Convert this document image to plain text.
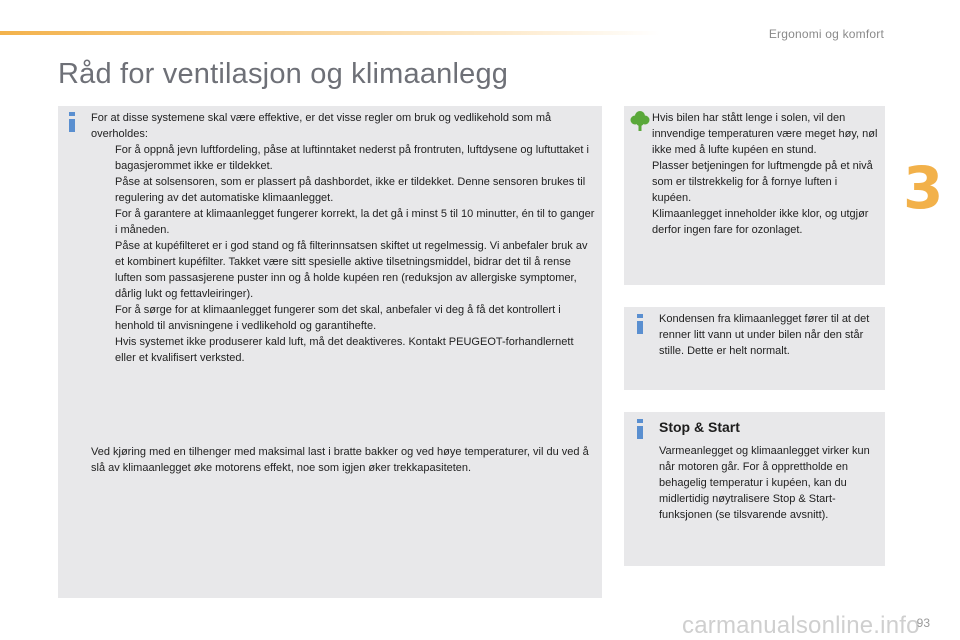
Ergonomi og komfort
Råd for ventilasjon og klimaanlegg
For at disse systemene skal være effektive, er det visse regler om bruk og vedlikehold som må overholdes:
For å oppnå jevn luftfordeling, påse at luftinntaket nederst på frontruten, luftdysene og luftuttaket i bagasjerommet ikke er tildekket.
Påse at solsensoren, som er plassert på dashbordet, ikke er tildekket. Denne sensoren brukes til regulering av det automatiske klimaanlegget.
For å garantere at klimaanlegget fungerer korrekt, la det gå i minst 5 til 10 minutter, én til to ganger i måneden.
Påse at kupéfilteret er i god stand og få filterinnsatsen skiftet ut regelmessig. Vi anbefaler bruk av et kombinert kupéfilter. Takket være sitt spesielle aktive tilsetningsmiddel, bidrar det til å rense luften som passasjerene puster inn og å holde kupéen ren (reduksjon av allergiske symptomer, dårlig lukt og fettavleiringer).
For å sørge for at klimaanlegget fungerer som det skal, anbefaler vi deg å få det kontrollert i henhold til anvisningene i vedlikehold og garantihefte.
Hvis systemet ikke produserer kald luft, må det deaktiveres. Kontakt PEUGEOT-forhandlernett eller et kvalifisert verksted.
Ved kjøring med en tilhenger med maksimal last i bratte bakker og ved høye temperaturer, vil du ved å slå av klimaanlegget øke motorens effekt, noe som igjen øker trekkapasiteten.
Hvis bilen har stått lenge i solen, vil den innvendige temperaturen være meget høy, nøl ikke med å lufte kupéen en stund.
Plasser betjeningen for luftmengde på et nivå som er tilstrekkelig for å fornye luften i kupéen.
Klimaanlegget inneholder ikke klor, og utgjør derfor ingen fare for ozonlaget.
Kondensen fra klimaanlegget fører til at det renner litt vann ut under bilen når den står stille. Dette er helt normalt.
Stop & Start
Varmeanlegget og klimaanlegget virker kun når motoren går. For å opprettholde en behagelig temperatur i kupéen, kan du midlertidig nøytralisere Stop & Start-funksjonen (se tilsvarende avsnitt).
3
carmanualsonline.info
93
